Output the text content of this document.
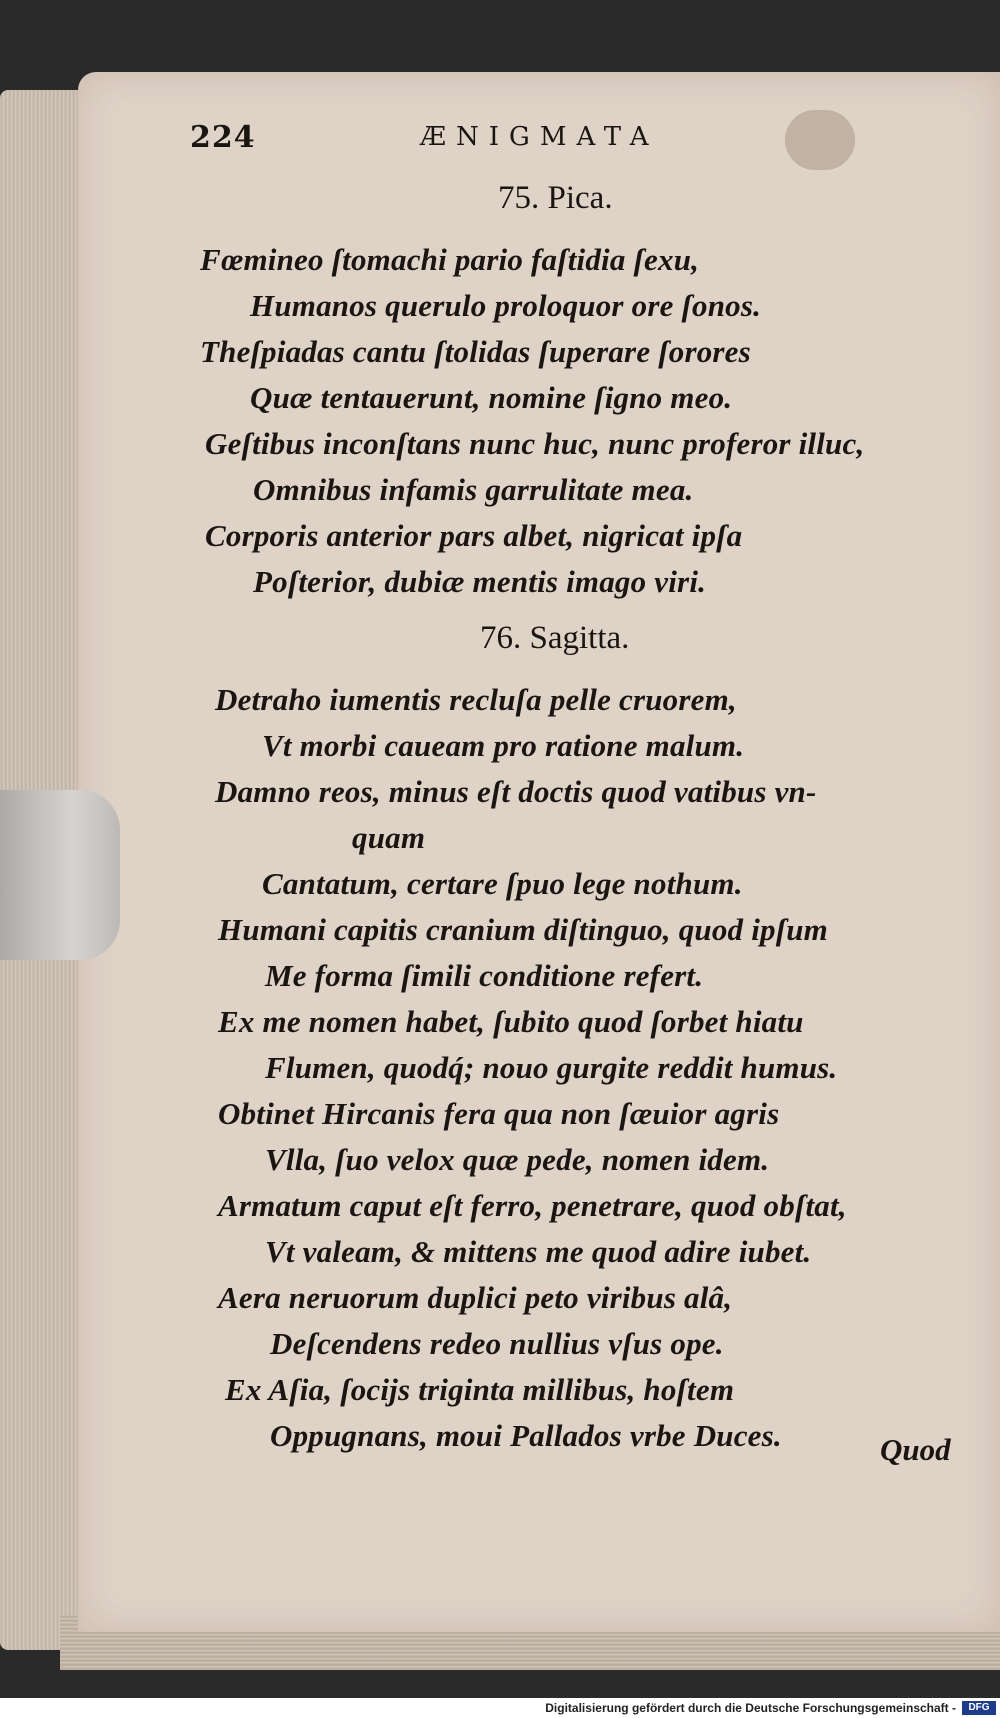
224	ÆNIGMATA
75. Pica.
Fœmineo ſtomachi pario faſtidia ſexu,
Humanos querulo proloquor ore ſonos.
Theſpiadas cantu ſtolidas ſuperare ſorores
Quæ tentauerunt, nomine ſigno meo.
Geſtibus inconſtans nunc huc, nunc proferor illuc,
Omnibus infamis garrulitate mea.
Corporis anterior pars albet, nigricat ipſa
Poſterior, dubiæ mentis imago viri.
76. Sagitta.
Detraho iumentis recluſa pelle cruorem,
Vt morbi caueam pro ratione malum.
Damno reos, minus eſt doctis quod vatibus vn-
quam
Cantatum, certare ſpuo lege nothum.
Humani capitis cranium diſtinguo, quod ipſum
Me forma ſimili conditione refert.
Ex me nomen habet, ſubito quod ſorbet hiatu
Flumen, quodq́; nouo gurgite reddit humus.
Obtinet Hircanis fera qua non ſæuior agris
Vlla, ſuo velox quæ pede, nomen idem.
Armatum caput eſt ferro, penetrare, quod obſtat,
Vt valeam, & mittens me quod adire iubet.
Aera neruorum duplici peto viribus alâ,
Deſcendens redeo nullius vſus ope.
Ex Aſia, ſocijs triginta millibus, hoſtem
Oppugnans, moui Pallados vrbe Duces.	Quod
Digitalisierung gefördert durch die Deutsche Forschungsgemeinschaft -	DFG
